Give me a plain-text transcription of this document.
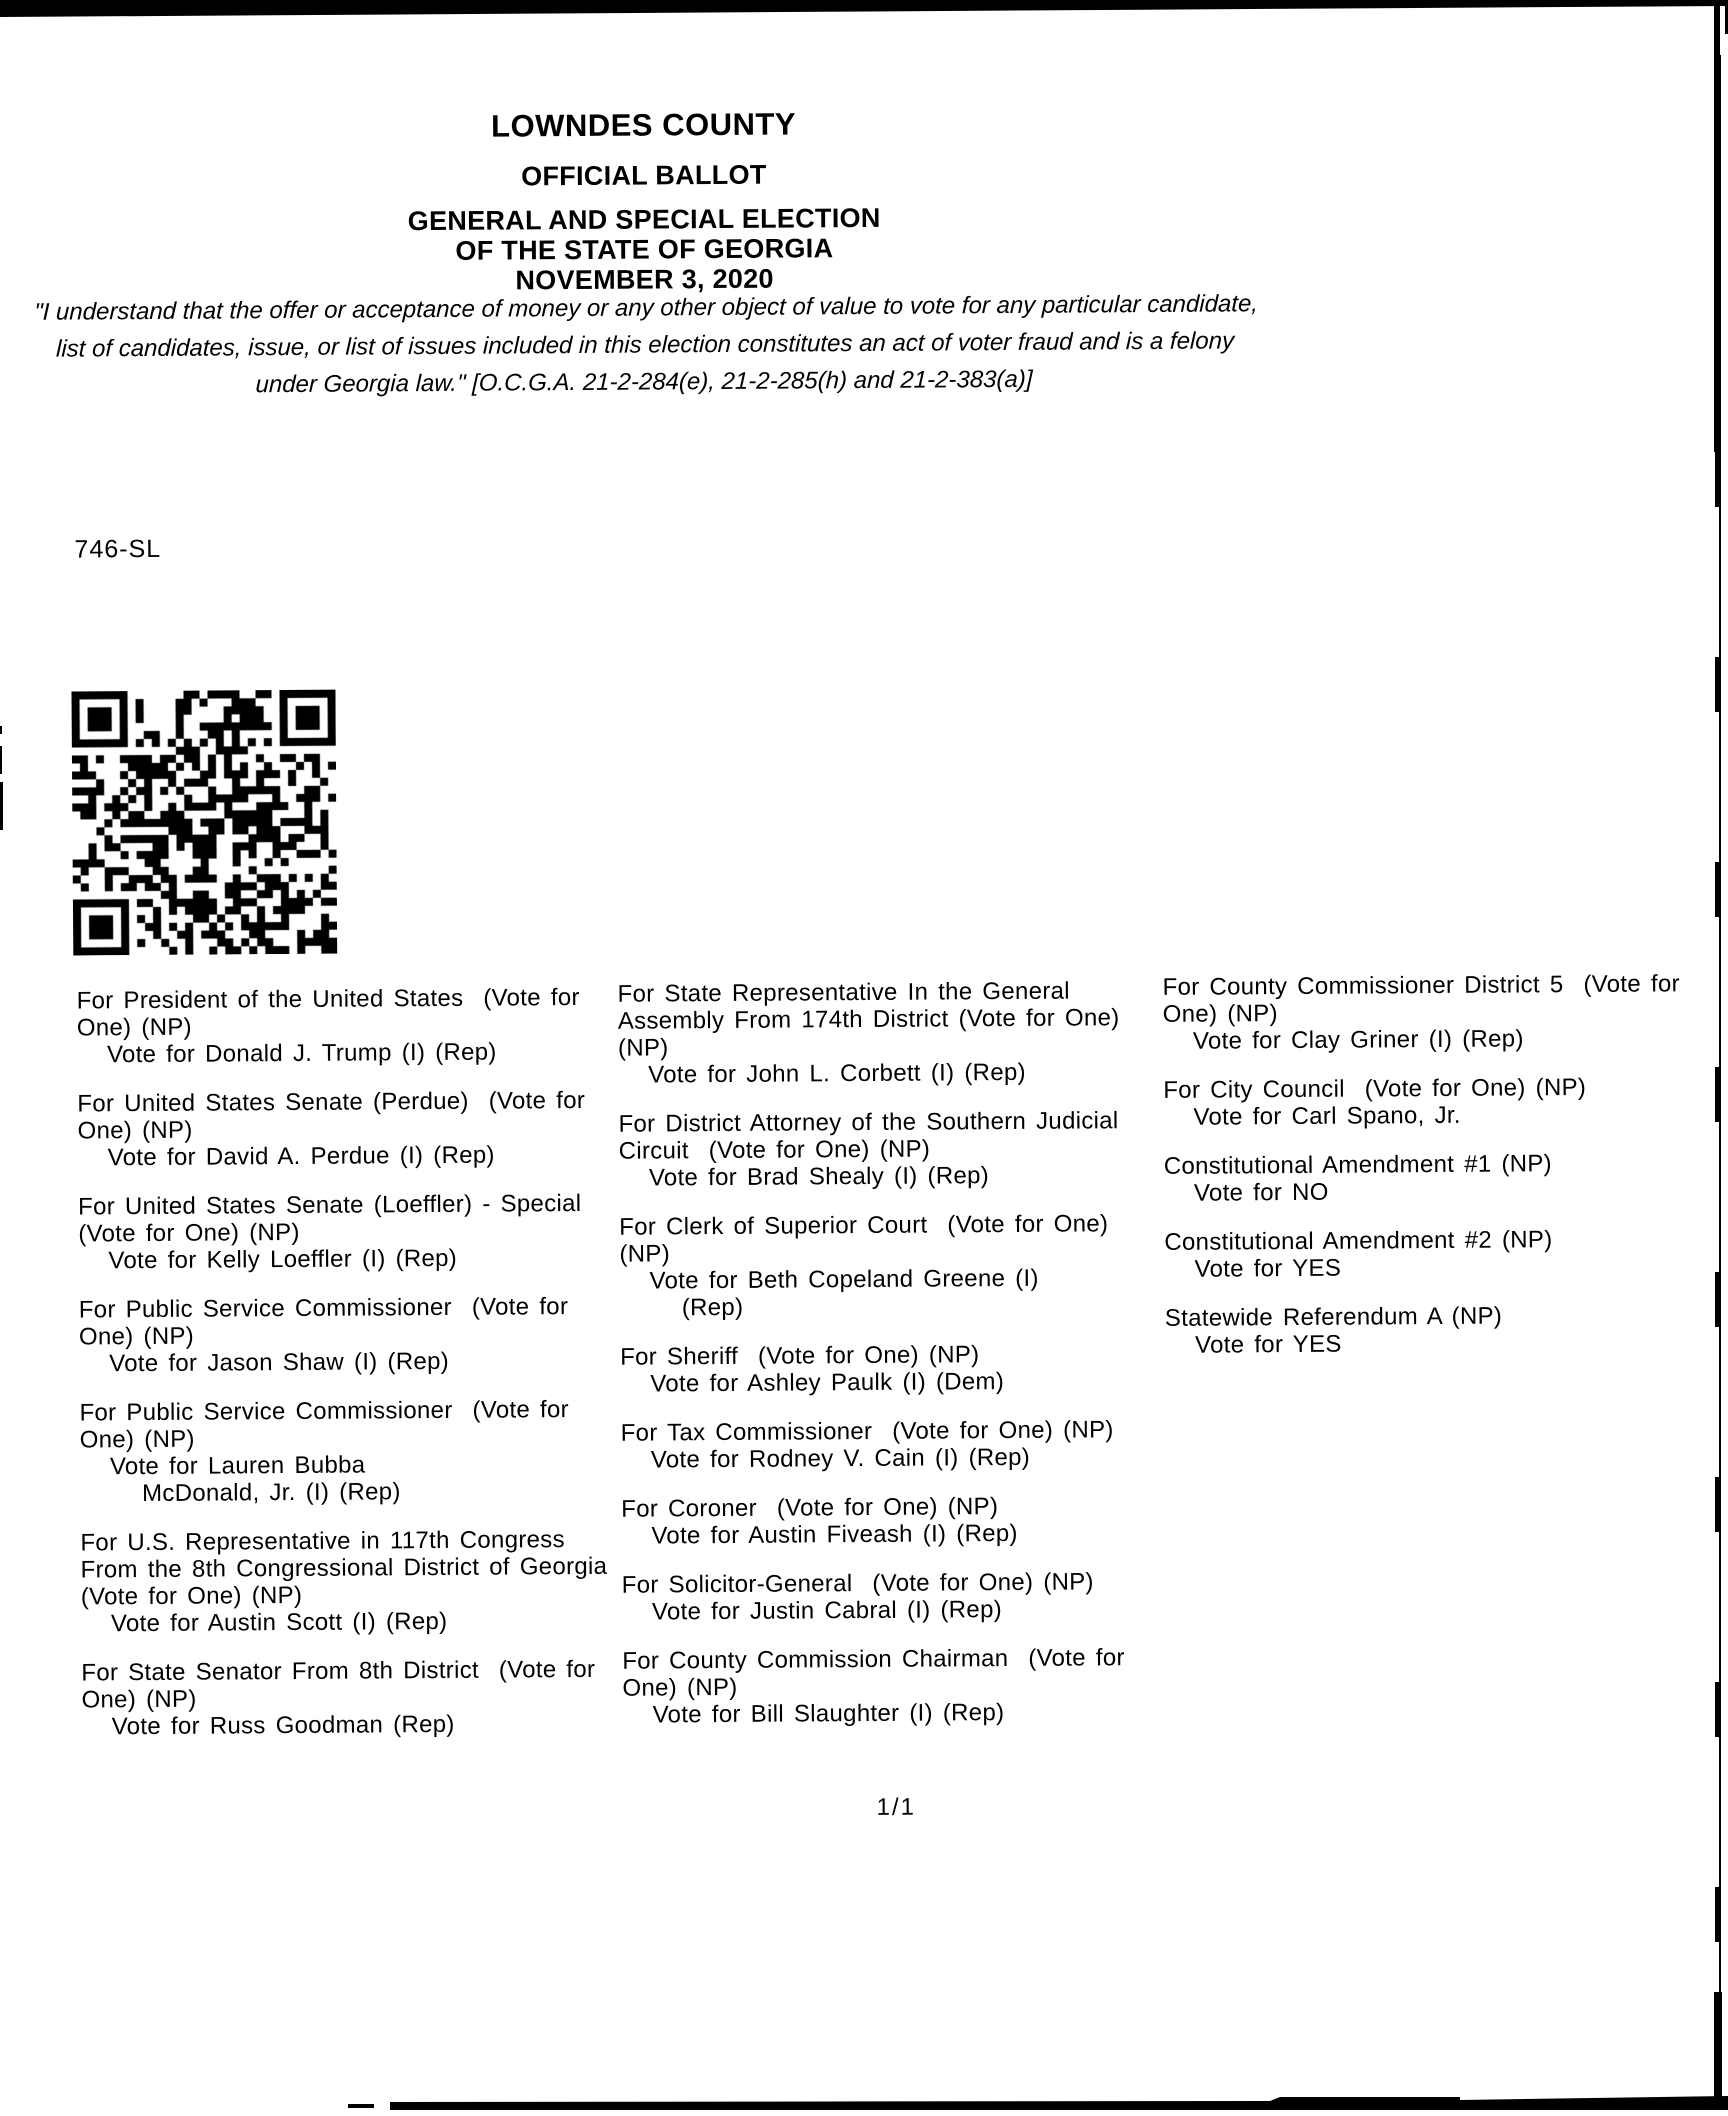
LOWNDES COUNTY
OFFICIAL BALLOT
GENERAL AND SPECIAL ELECTION
OF THE STATE OF GEORGIA
NOVEMBER 3, 2020
"I understand that the offer or acceptance of money or any other object of value to vote for any particular candidate,
list of candidates, issue, or list of issues included in this election constitutes an act of voter fraud and is a felony
under Georgia law." [O.C.G.A. 21-2-284(e), 21-2-285(h) and 21-2-383(a)]
746-SL
For President of the United States  (Vote for One) (NP)
Vote for Donald J. Trump (I) (Rep)
For United States Senate (Perdue)  (Vote for One) (NP)
Vote for David A. Perdue (I) (Rep)
For United States Senate (Loeffler) - Special  (Vote for One) (NP)
Vote for Kelly Loeffler (I) (Rep)
For Public Service Commissioner  (Vote for One) (NP)
Vote for Jason Shaw (I) (Rep)
For Public Service Commissioner  (Vote for One) (NP)
Vote for Lauren Bubba
McDonald, Jr. (I) (Rep)
For U.S. Representative in 117th Congress From the 8th Congressional District of Georgia (Vote for One) (NP)
Vote for Austin Scott (I) (Rep)
For State Senator From 8th District  (Vote for One) (NP)
Vote for Russ Goodman (Rep)
For State Representative In the General Assembly From 174th District (Vote for One) (NP)
Vote for John L. Corbett (I) (Rep)
For District Attorney of the Southern Judicial Circuit  (Vote for One) (NP)
Vote for Brad Shealy (I) (Rep)
For Clerk of Superior Court  (Vote for One) (NP)
Vote for Beth Copeland Greene (I)
(Rep)
For Sheriff  (Vote for One) (NP)
Vote for Ashley Paulk (I) (Dem)
For Tax Commissioner  (Vote for One) (NP)
Vote for Rodney V. Cain (I) (Rep)
For Coroner  (Vote for One) (NP)
Vote for Austin Fiveash (I) (Rep)
For Solicitor-General  (Vote for One) (NP)
Vote for Justin Cabral (I) (Rep)
For County Commission Chairman  (Vote for One) (NP)
Vote for Bill Slaughter (I) (Rep)
For County Commissioner District 5  (Vote for One) (NP)
Vote for Clay Griner (I) (Rep)
For City Council  (Vote for One) (NP)
Vote for Carl Spano, Jr.
Constitutional Amendment #1 (NP)
Vote for NO
Constitutional Amendment #2 (NP)
Vote for YES
Statewide Referendum A (NP)
Vote for YES
1/1
